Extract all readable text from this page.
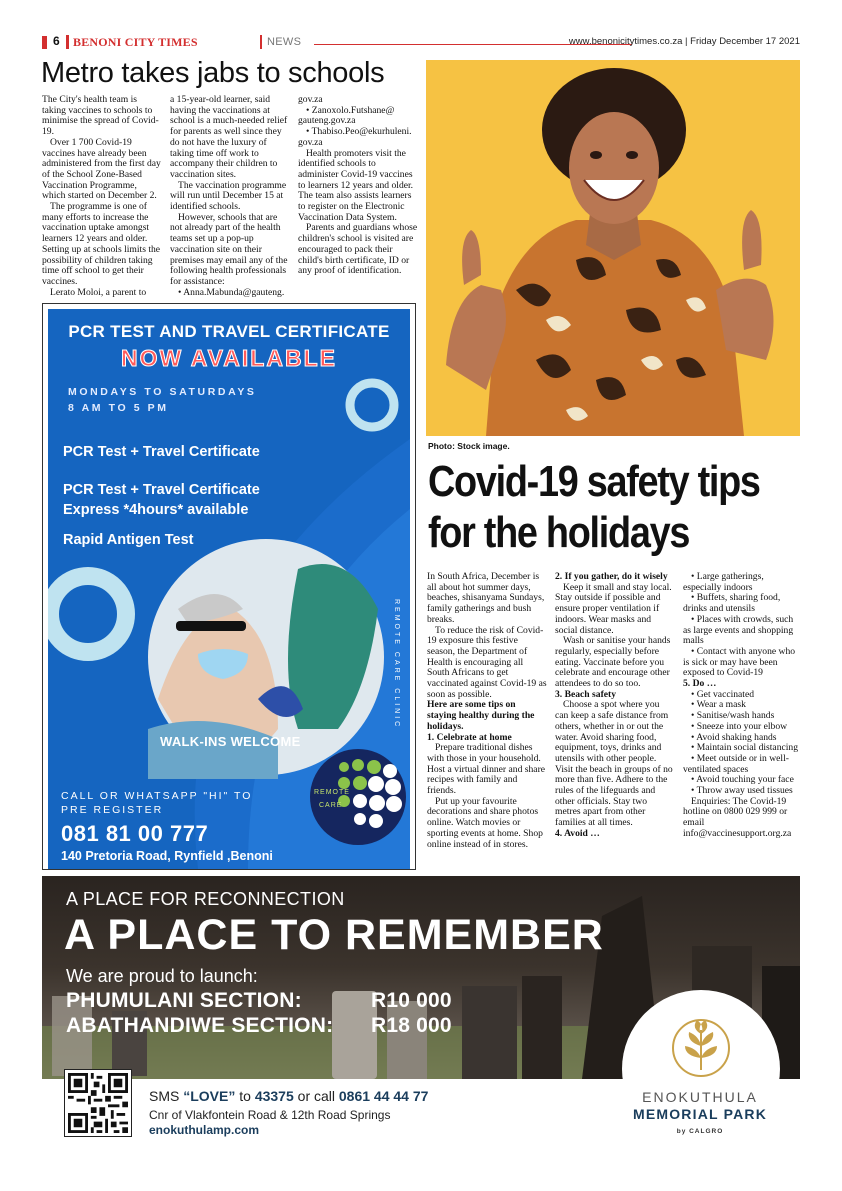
6 BENONI CITY TIMES	NEWS	www.benonicitytimes.co.za | Friday December 17 2021
Metro takes jabs to schools

The City's health team is taking vaccines to schools to minimise the spread of Covid-19.

Over 1 700 Covid-19 vaccines have already been administered from the first day of the School Zone-Based Vaccination Programme, which started on December 2.

The programme is one of many efforts to increase the vaccination uptake amongst learners 12 years and older. Setting up at schools limits the possibility of children taking time off school to get their vaccines.

Lerato Moloi, a parent to

a 15-year-old learner, said having the vaccinations at school is a much-needed relief for parents as well since they do not have the luxury of taking time off work to accompany their children to vaccination sites.

The vaccination programme will run until December 15 at identified schools.

However, schools that are not already part of the health teams set up a pop-up vaccination site on their premises may email any of the following health professionals for assistance:

• Anna.Mabunda@gauteng.

gov.za

• Zanoxolo.Futshane@ gauteng.gov.za

• Thabiso.Peo@ekurhuleni. gov.za

Health promoters visit the identified schools to administer Covid-19 vaccines to learners 12 years and older. The team also assists learners to register on the Electronic Vaccination Data System.

Parents and guardians whose children's school is visited are encouraged to pack their child's birth certificate, ID or any proof of identification.

Photo: Stock image.
Covid-19 safety tips
for the holidays

In South Africa, December is all about hot summer days, beaches, shisanyama Sundays, family gatherings and bush breaks.

To reduce the risk of Covid-19 exposure this festive season, the Department of Health is encouraging all South Africans to get vaccinated against Covid-19 as soon as possible.

Here are some tips on staying healthy during the holidays.

1. Celebrate at home

Prepare traditional dishes with those in your household. Host a virtual dinner and share recipes with family and friends.

Put up your favourite decorations and share photos online. Watch movies or sporting events at home. Shop online instead of in stores.

2. If you gather, do it wisely

Keep it small and stay local. Stay outside if possible and ensure proper ventilation if indoors. Wear masks and social distance.

Wash or sanitise your hands regularly, especially before eating. Vaccinate before you celebrate and encourage other attendees to do so too.

3. Beach safety

Choose a spot where you can keep a safe distance from others, whether in or out the water. Avoid sharing food, equipment, toys, drinks and utensils with other people. Visit the beach in groups of no more than five. Adhere to the rules of the lifeguards and other officials. Stay two metres apart from other families at all times.

4. Avoid …

• Large gatherings, especially indoors

• Buffets, sharing food, drinks and utensils

• Places with crowds, such as large events and shopping malls

• Contact with anyone who is sick or may have been exposed to Covid-19

5. Do …

• Get vaccinated

• Wear a mask

• Sanitise/wash hands

• Sneeze into your elbow

• Avoid shaking hands

• Maintain social distancing

• Meet outside or in well-ventilated spaces

• Avoid touching your face

• Throw away used tissues

Enquiries: The Covid-19 hotline on 0800 029 999 or email info@vaccinesupport.org.za

PCR TEST AND TRAVEL CERTIFICATE
NOW AVAILABLE
MONDAYS TO SATURDAYS
8 AM TO 5 PM
PCR Test + Travel Certificate
PCR Test + Travel Certificate
Express *4hours* available
Rapid Antigen Test
REMOTE CARE CLINIC
WALK-INS WELCOME
REMOTE
CARE
CALL OR WHATSAPP "HI" TO
PRE REGISTER
081 81 00 777
140 Pretoria Road, Rynfield ,Benoni
A PLACE FOR RECONNECTION
A PLACE TO REMEMBER
We are proud to launch:
PHUMULANI SECTION:	R10 000
ABATHANDIWE SECTION: R18 000
SMS “LOVE” to 43375 or call 0861 44 44 77
Cnr of Vlakfontein Road & 12th Road Springs
enokuthulamp.com
ENOKUTHULA
MEMORIAL PARK
by CALGRO
